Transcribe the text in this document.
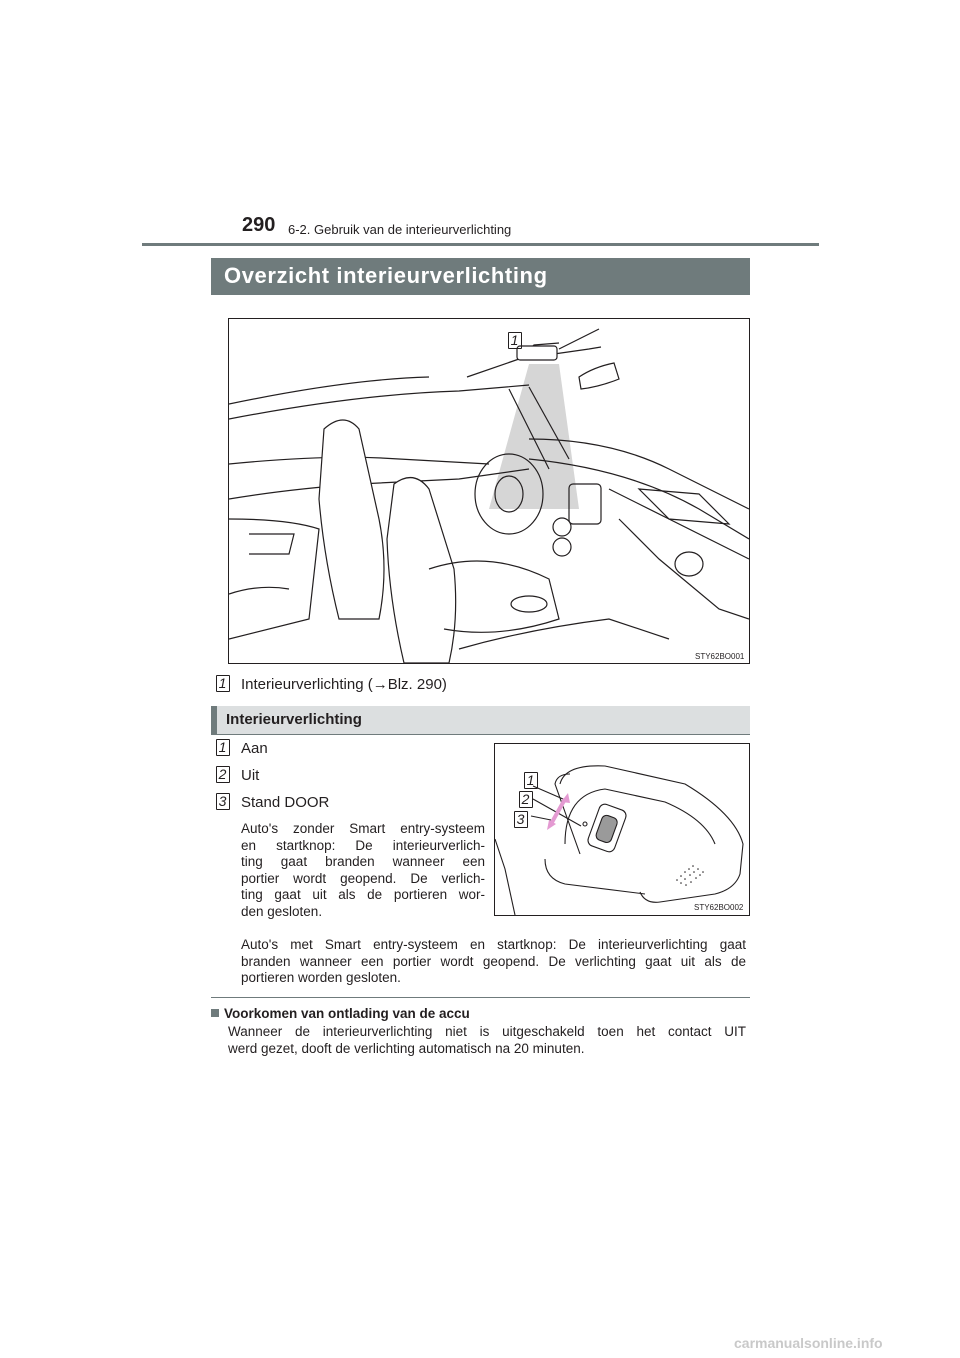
290 6-2. Gebruik van de interieurverlichting
Overzicht interieurverlichting
1
STY62BO001
1 Interieurverlichting (→Blz. 290)
Interieurverlichting
1 Aan
2 Uit
3 Stand DOOR
Auto's zonder Smart entry-systeem
en startknop: De interieurverlich-
ting gaat branden wanneer een
portier wordt geopend. De verlich-
ting gaat uit als de portieren wor-
den gesloten.
1
2
3
STY62BO002
Auto's met Smart entry-systeem en startknop: De interieurverlichting gaat
branden wanneer een portier wordt geopend. De verlichting gaat uit als de
portieren worden gesloten.
Voorkomen van ontlading van de accu
Wanneer de interieurverlichting niet is uitgeschakeld toen het contact UIT
werd gezet, dooft de verlichting automatisch na 20 minuten.
carmanualsonline.info
